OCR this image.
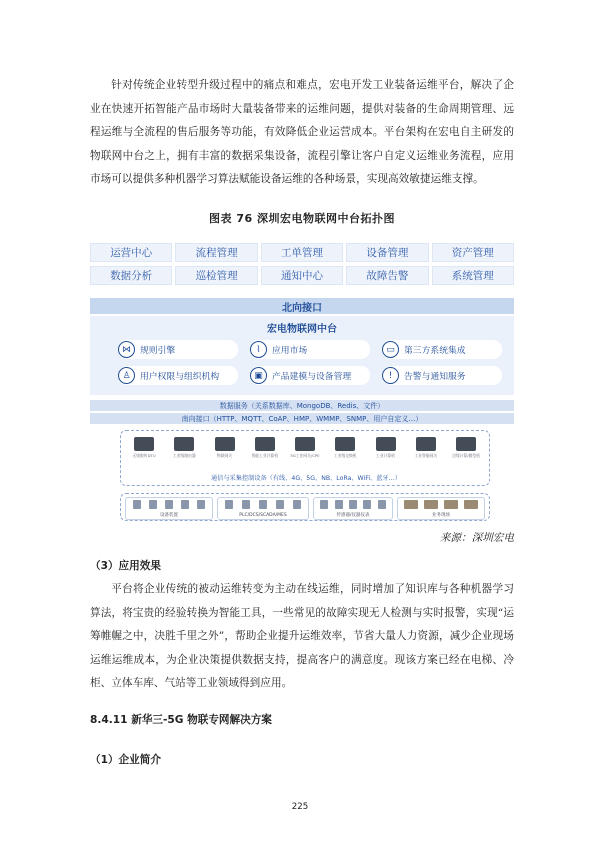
针对传统企业转型升级过程中的痛点和难点，宏电开发工业装备运维平台，解决了企业在快速开拓智能产品市场时大量装备带来的运维问题，提供对装备的生命周期管理、远程运维与全流程的售后服务等功能，有效降低企业运营成本。平台架构在宏电自主研发的物联网中台之上，拥有丰富的数据采集设备，流程引擎让客户自定义运维业务流程，应用市场可以提供多种机器学习算法赋能设备运维的各种场景，实现高效敏捷运维支撑。

图表 76 深圳宏电物联网中台拓扑图
运营中心	流程管理	工单管理	设备管理	资产管理
数据分析	巡检管理	通知中心	故障告警	系统管理
北向接口
宏电物联网中台
⋈	规则引擎	⌇	应用市场	▭	第三方系统集成
♙	用户权限与组织机构	▣	产品建模与设备管理	!	告警与通知服务
数据服务（关系数据库、MongoDB、Redis、文件）
南向接口（HTTP、MQTT、CoAP、HMP、WMMP、SNMP、用户自定义…）
无线数传DTU	工业级路由器	物联网关	智能工业计算机	5G工业网关/CPE	工业级交换机	工业计算机	工业智能网关	边缘计算/微型机
通信与采集控制设备（有线、4G、5G、NB、LoRa、WiFi、蓝牙…）
设备装置	PLC/DCS/SCADA/MES	传感器/仪器仪表	业务现场
来源：深圳宏电
（3）应用效果

平台将企业传统的被动运维转变为主动在线运维，同时增加了知识库与各种机器学习算法，将宝贵的经验转换为智能工具，一些常见的故障实现无人检测与实时报警，实现“运筹帷幄之中，决胜千里之外”，帮助企业提升运维效率，节省大量人力资源，减少企业现场运维运维成本，为企业决策提供数据支持，提高客户的满意度。现该方案已经在电梯、冷柜、立体车库、气站等工业领域得到应用。

8.4.11 新华三-5G 物联专网解决方案
（1）企业简介
225
